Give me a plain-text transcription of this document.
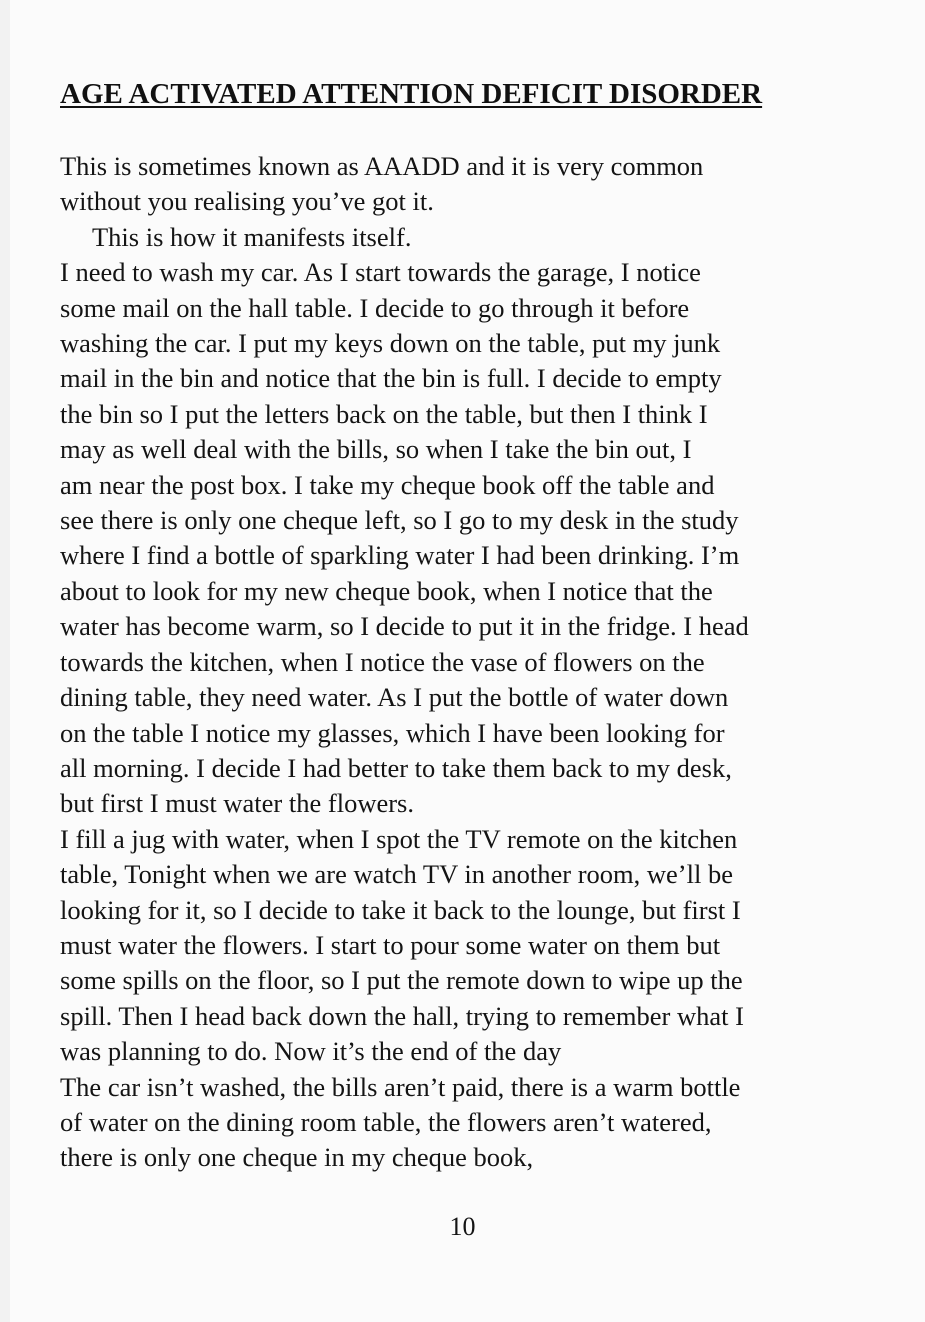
AGE ACTIVATED ATTENTION DEFICIT DISORDER
This is sometimes known as AAADD and it is very common
without you realising you’ve got it.
This is how it manifests itself.
I need to wash my car. As I start towards the garage, I notice
some mail on the hall table. I decide to go through it before
washing the car. I put my keys down on the table, put my junk
mail in the bin and notice that the bin is full. I decide to empty
the bin so I put the letters back on the table, but then I think I
may as well deal with the bills, so when I take the bin out, I
am near the post box. I take my cheque book off the table and
see there is only one cheque left, so I go to my desk in the study
where I find a bottle of sparkling water I had been drinking. I’m
about to look for my new cheque book, when I notice that the
water has become warm, so I decide to put it in the fridge. I head
towards the kitchen, when I notice the vase of flowers on the
dining table, they need water. As I put the bottle of water down
on the table I notice my glasses, which I have been looking for
all morning. I decide I had better to take them back to my desk,
but first I must water the flowers.
I fill a jug with water, when I spot the TV remote on the kitchen
table, Tonight when we are watch TV in another room, we’ll be
looking for it, so I decide to take it back to the lounge, but first I
must water the flowers. I start to pour some water on them but
some spills on the floor, so I put the remote down to wipe up the
spill. Then I head back down the hall, trying to remember what I
was planning to do. Now it’s the end of the day
The car isn’t washed, the bills aren’t paid, there is a warm bottle
of water on the dining room table, the flowers aren’t watered,
there is only one cheque in my cheque book,
10
